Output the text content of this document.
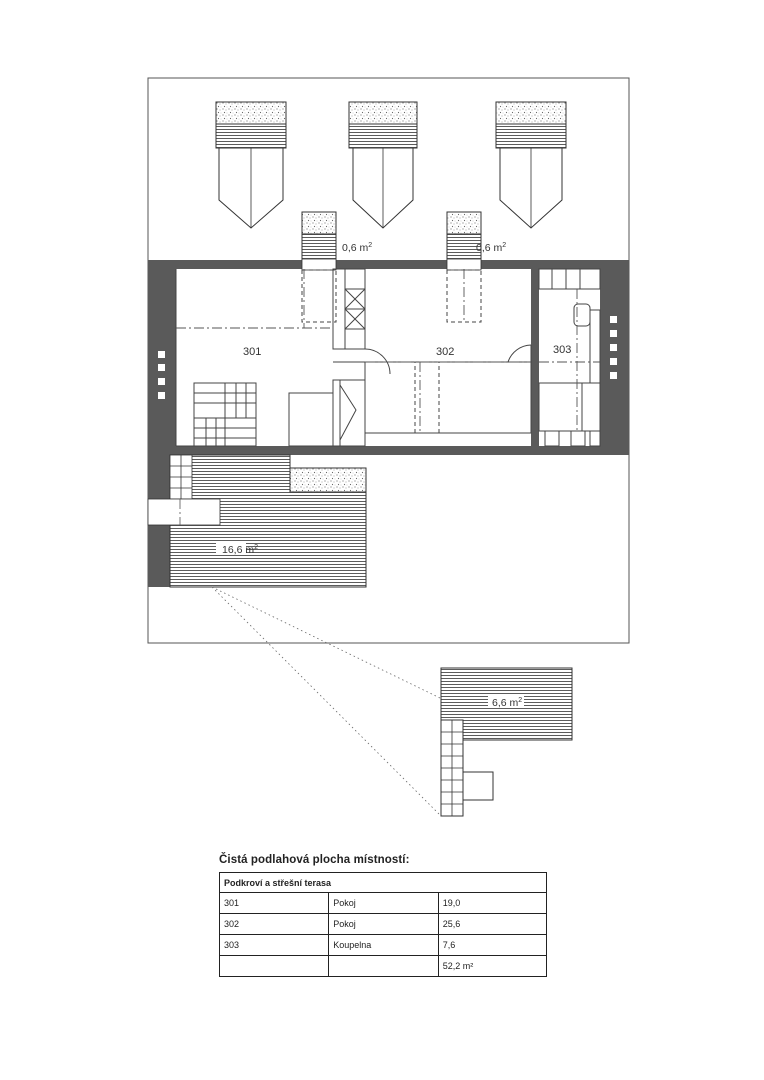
0,6 $m^2$	0,6 $m^2$
301	302	303
16,6 $m^2$
6,6 $m^2$
Čistá podlahová plocha místností:
Podkroví a střešní terasa		
301	Pokoj	19,0
302	Pokoj	25,6
303	Koupelna	7,6
		52,2 m²
